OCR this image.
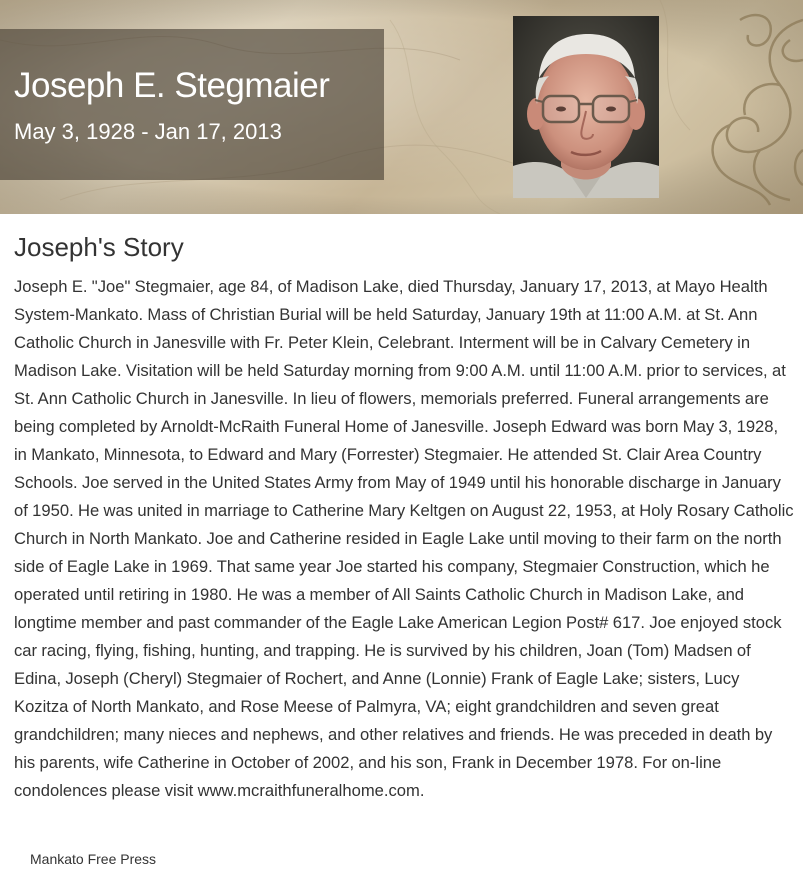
Joseph E. Stegmaier

May 3, 1928 - Jan 17, 2013

Joseph's Story

Joseph E. "Joe" Stegmaier, age 84, of Madison Lake, died Thursday, January 17, 2013, at Mayo Health System-Mankato. Mass of Christian Burial will be held Saturday, January 19th at 11:00 A.M. at St. Ann Catholic Church in Janesville with Fr. Peter Klein, Celebrant. Interment will be in Calvary Cemetery in Madison Lake. Visitation will be held Saturday morning from 9:00 A.M. until 11:00 A.M. prior to services, at St. Ann Catholic Church in Janesville. In lieu of flowers, memorials preferred. Funeral arrangements are being completed by Arnoldt-McRaith Funeral Home of Janesville. Joseph Edward was born May 3, 1928, in Mankato, Minnesota, to Edward and Mary (Forrester) Stegmaier. He attended St. Clair Area Country Schools. Joe served in the United States Army from May of 1949 until his honorable discharge in January of 1950. He was united in marriage to Catherine Mary Keltgen on August 22, 1953, at Holy Rosary Catholic Church in North Mankato. Joe and Catherine resided in Eagle Lake until moving to their farm on the north side of Eagle Lake in 1969. That same year Joe started his company, Stegmaier Construction, which he operated until retiring in 1980. He was a member of All Saints Catholic Church in Madison Lake, and longtime member and past commander of the Eagle Lake American Legion Post# 617. Joe enjoyed stock car racing, flying, fishing, hunting, and trapping. He is survived by his children, Joan (Tom) Madsen of Edina, Joseph (Cheryl) Stegmaier of Rochert, and Anne (Lonnie) Frank of Eagle Lake; sisters, Lucy Kozitza of North Mankato, and Rose Meese of Palmyra, VA; eight grandchildren and seven great grandchildren; many nieces and nephews, and other relatives and friends. He was preceded in death by his parents, wife Catherine in October of 2002, and his son, Frank in December 1978. For on-line condolences please visit www.mcraithfuneralhome.com.

Mankato Free Press
